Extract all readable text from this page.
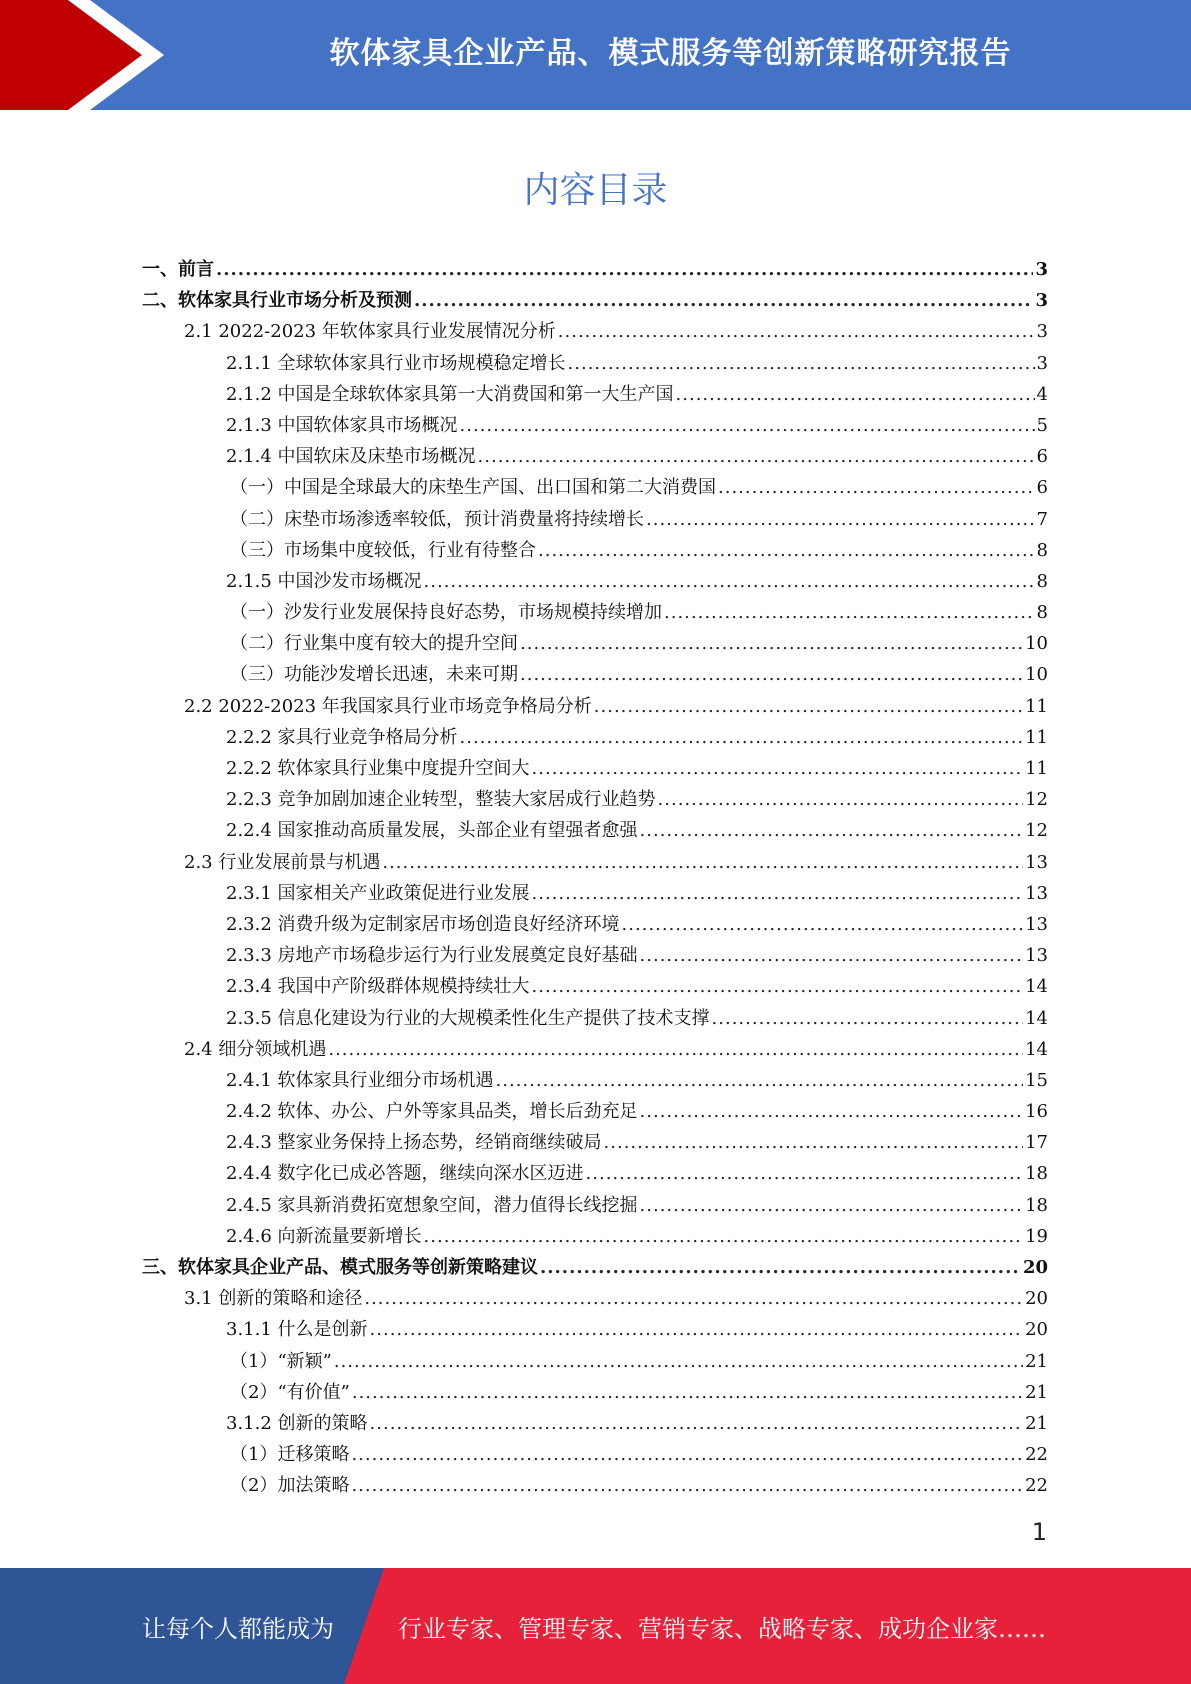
软体家具企业产品、模式服务等创新策略研究报告
内容目录
一、前言 .....	3
二、软体家具行业市场分析及预测 .....	3
2.1 2022-2023 年软体家具行业发展情况分析 .....	3
2.1.1 全球软体家具行业市场规模稳定增长 .....	3
2.1.2 中国是全球软体家具第一大消费国和第一大生产国 .....	4
2.1.3 中国软体家具市场概况 .....	5
2.1.4 中国软床及床垫市场概况 .....	6
（一）中国是全球最大的床垫生产国、出口国和第二大消费国 .....	6
（二）床垫市场渗透率较低，预计消费量将持续增长 .....	7
（三）市场集中度较低，行业有待整合 .....	8
2.1.5 中国沙发市场概况 .....	8
（一）沙发行业发展保持良好态势，市场规模持续增加 .....	8
（二）行业集中度有较大的提升空间 .....	10
（三）功能沙发增长迅速，未来可期 .....	10
2.2 2022-2023 年我国家具行业市场竞争格局分析 .....	11
2.2.2 家具行业竞争格局分析 .....	11
2.2.2 软体家具行业集中度提升空间大 .....	11
2.2.3 竞争加剧加速企业转型，整装大家居成行业趋势 .....	12
2.2.4 国家推动高质量发展，头部企业有望强者愈强 .....	12
2.3 行业发展前景与机遇 .....	13
2.3.1 国家相关产业政策促进行业发展 .....	13
2.3.2 消费升级为定制家居市场创造良好经济环境 .....	13
2.3.3 房地产市场稳步运行为行业发展奠定良好基础 .....	13
2.3.4 我国中产阶级群体规模持续壮大 .....	14
2.3.5 信息化建设为行业的大规模柔性化生产提供了技术支撑 .....	14
2.4 细分领域机遇 .....	14
2.4.1 软体家具行业细分市场机遇 .....	15
2.4.2 软体、办公、户外等家具品类，增长后劲充足 .....	16
2.4.3 整家业务保持上扬态势，经销商继续破局 .....	17
2.4.4 数字化已成必答题，继续向深水区迈进 .....	18
2.4.5 家具新消费拓宽想象空间，潜力值得长线挖掘 .....	18
2.4.6 向新流量要新增长 .....	19
三、软体家具企业产品、模式服务等创新策略建议 .....	20
3.1 创新的策略和途径 .....	20
3.1.1 什么是创新 .....	20
（1）“新颖” .....	21
（2）“有价值” .....	21
3.1.2 创新的策略 .....	21
（1）迁移策略 .....	22
（2）加法策略 .....	22
1
让每个人都能成为	行业专家、管理专家、营销专家、战略专家、成功企业家……
